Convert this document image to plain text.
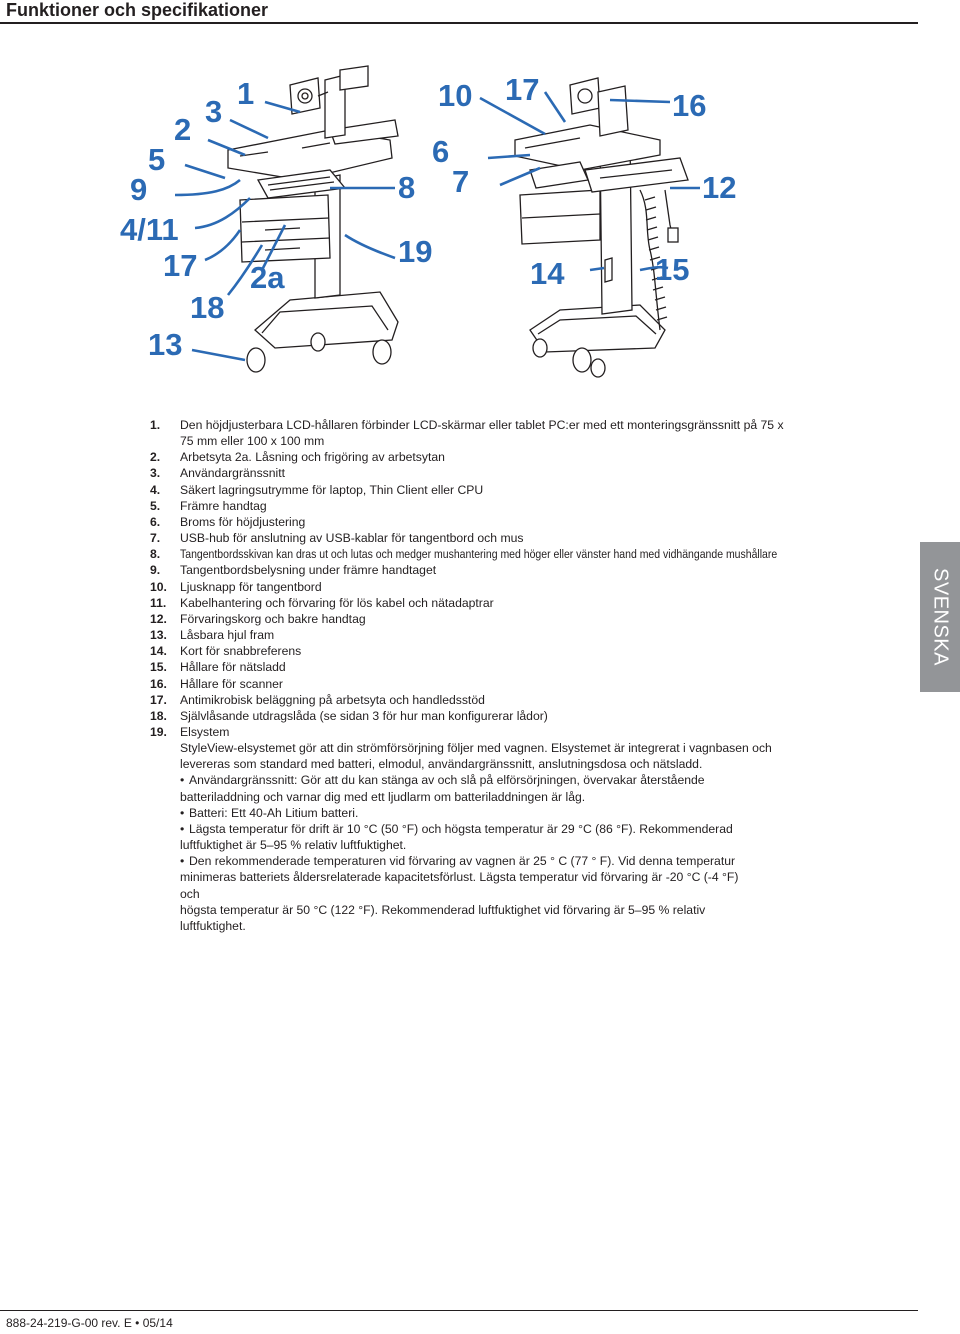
Funktioner och specifikationer
1
3
2
5
9
4/11
17
18
13
2a
8
19
10 17	16
6
7	12
14	15
1.	Den höjdjusterbara LCD-hållaren förbinder LCD-skärmar eller tablet PC:er med ett monteringsgränssnitt på 75 x
75 mm eller 100 x 100 mm
2.	Arbetsyta 2a. Låsning och frigöring av arbetsytan
3.	Användargränssnitt
4.	Säkert lagringsutrymme för laptop, Thin Client eller CPU
5.	Främre handtag
6.	Broms för höjdjustering
7.	USB-hub för anslutning av USB-kablar för tangentbord och mus
8.	Tangentbordsskivan kan dras ut och lutas och medger mushantering med höger eller vänster hand med vidhängande mushållare
9.	Tangentbordsbelysning under främre handtaget
10.	Ljusknapp för tangentbord
11.	Kabelhantering och förvaring för lös kabel och nätadaptrar
12.	Förvaringskorg och bakre handtag
13.	Låsbara hjul fram
14.	Kort för snabbreferens
15.	Hållare för nätsladd
16.	Hållare för scanner
17.	Antimikrobisk beläggning på arbetsyta och handledsstöd
18.	Självlåsande utdragslåda (se sidan 3 för hur man konfigurerar lådor)
19.	Elsystem
StyleView-elsystemet gör att din strömförsörjning följer med vagnen. Elsystemet är integrerat i vagnbasen och
levereras som standard med batteri, elmodul, användargränssnitt, anslutningsdosa och nätsladd.
• Användargränssnitt: Gör att du kan stänga av och slå på elförsörjningen, övervakar återstående
batteriladdning och varnar dig med ett ljudlarm om batteriladdningen är låg.
• Batteri: Ett 40-Ah Litium batteri.
• Lägsta temperatur för drift är 10 °C (50 °F) och högsta temperatur är 29 °C (86 °F). Rekommenderad
luftfuktighet är 5–95 % relativ luftfuktighet.
• Den rekommenderade temperaturen vid förvaring av vagnen är 25 ° C (77 ° F). Vid denna temperatur
minimeras batteriets åldersrelaterade kapacitetsförlust. Lägsta temperatur vid förvaring är -20 °C (-4 °F) och
högsta temperatur är 50 °C (122 °F). Rekommenderad luftfuktighet vid förvaring är 5–95 % relativ luftfuktighet.
SVENSKA
888-24-219-G-00 rev. E • 05/14
